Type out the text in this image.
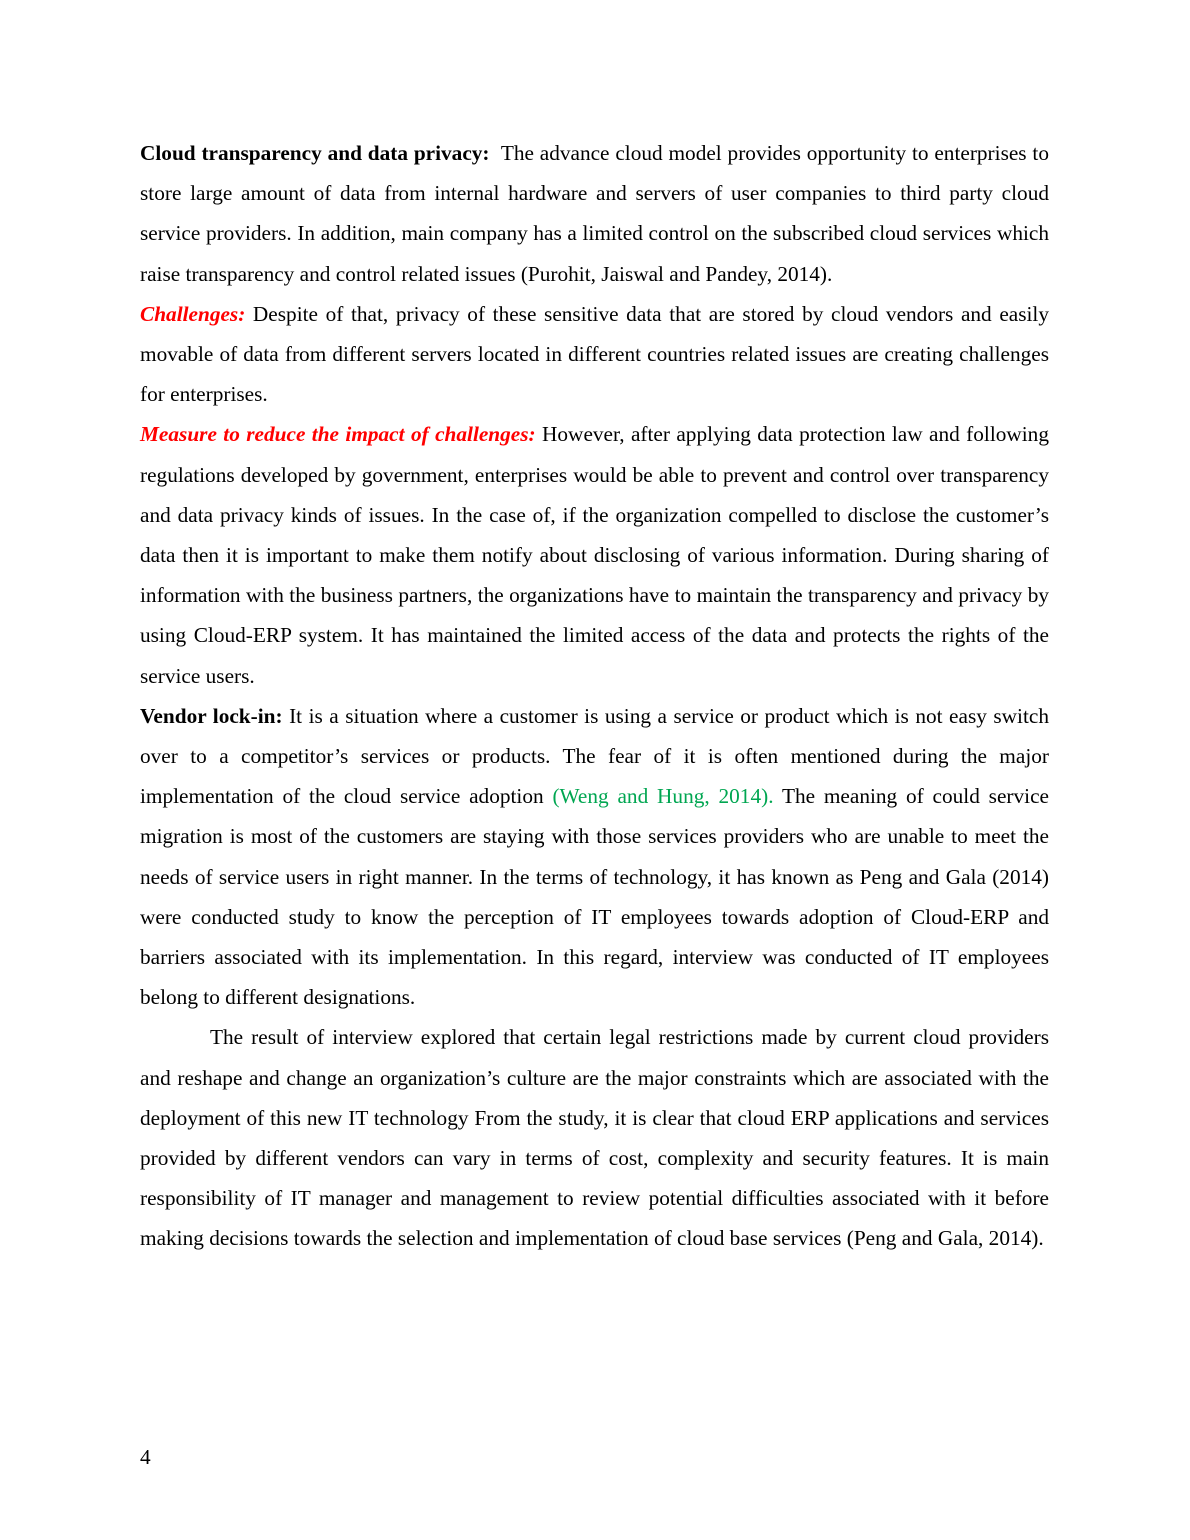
Cloud transparency and data privacy:  The advance cloud model provides opportunity to enterprises to store large amount of data from internal hardware and servers of user companies to third party cloud service providers. In addition, main company has a limited control on the subscribed cloud services which raise transparency and control related issues (Purohit, Jaiswal and Pandey, 2014).

Challenges: Despite of that, privacy of these sensitive data that are stored by cloud vendors and easily movable of data from different servers located in different countries related issues are creating challenges for enterprises.

Measure to reduce the impact of challenges: However, after applying data protection law and following regulations developed by government, enterprises would be able to prevent and control over transparency and data privacy kinds of issues. In the case of, if the organization compelled to disclose the customer’s data then it is important to make them notify about disclosing of various information. During sharing of information with the business partners, the organizations have to maintain the transparency and privacy by using Cloud-ERP system. It has maintained the limited access of the data and protects the rights of the service users.

Vendor lock-in: It is a situation where a customer is using a service or product which is not easy switch over to a competitor’s services or products. The fear of it is often mentioned during the major implementation of the cloud service adoption (Weng and Hung, 2014). The meaning of could service migration is most of the customers are staying with those services providers who are unable to meet the needs of service users in right manner. In the terms of technology, it has known as Peng and Gala (2014) were conducted study to know the perception of IT employees towards adoption of Cloud-ERP and barriers associated with its implementation. In this regard, interview was conducted of IT employees belong to different designations.

The result of interview explored that certain legal restrictions made by current cloud providers and reshape and change an organization’s culture are the major constraints which are associated with the deployment of this new IT technology From the study, it is clear that cloud ERP applications and services provided by different vendors can vary in terms of cost, complexity and security features. It is main responsibility of IT manager and management to review potential difficulties associated with it before making decisions towards the selection and implementation of cloud base services (Peng and Gala, 2014).

4
